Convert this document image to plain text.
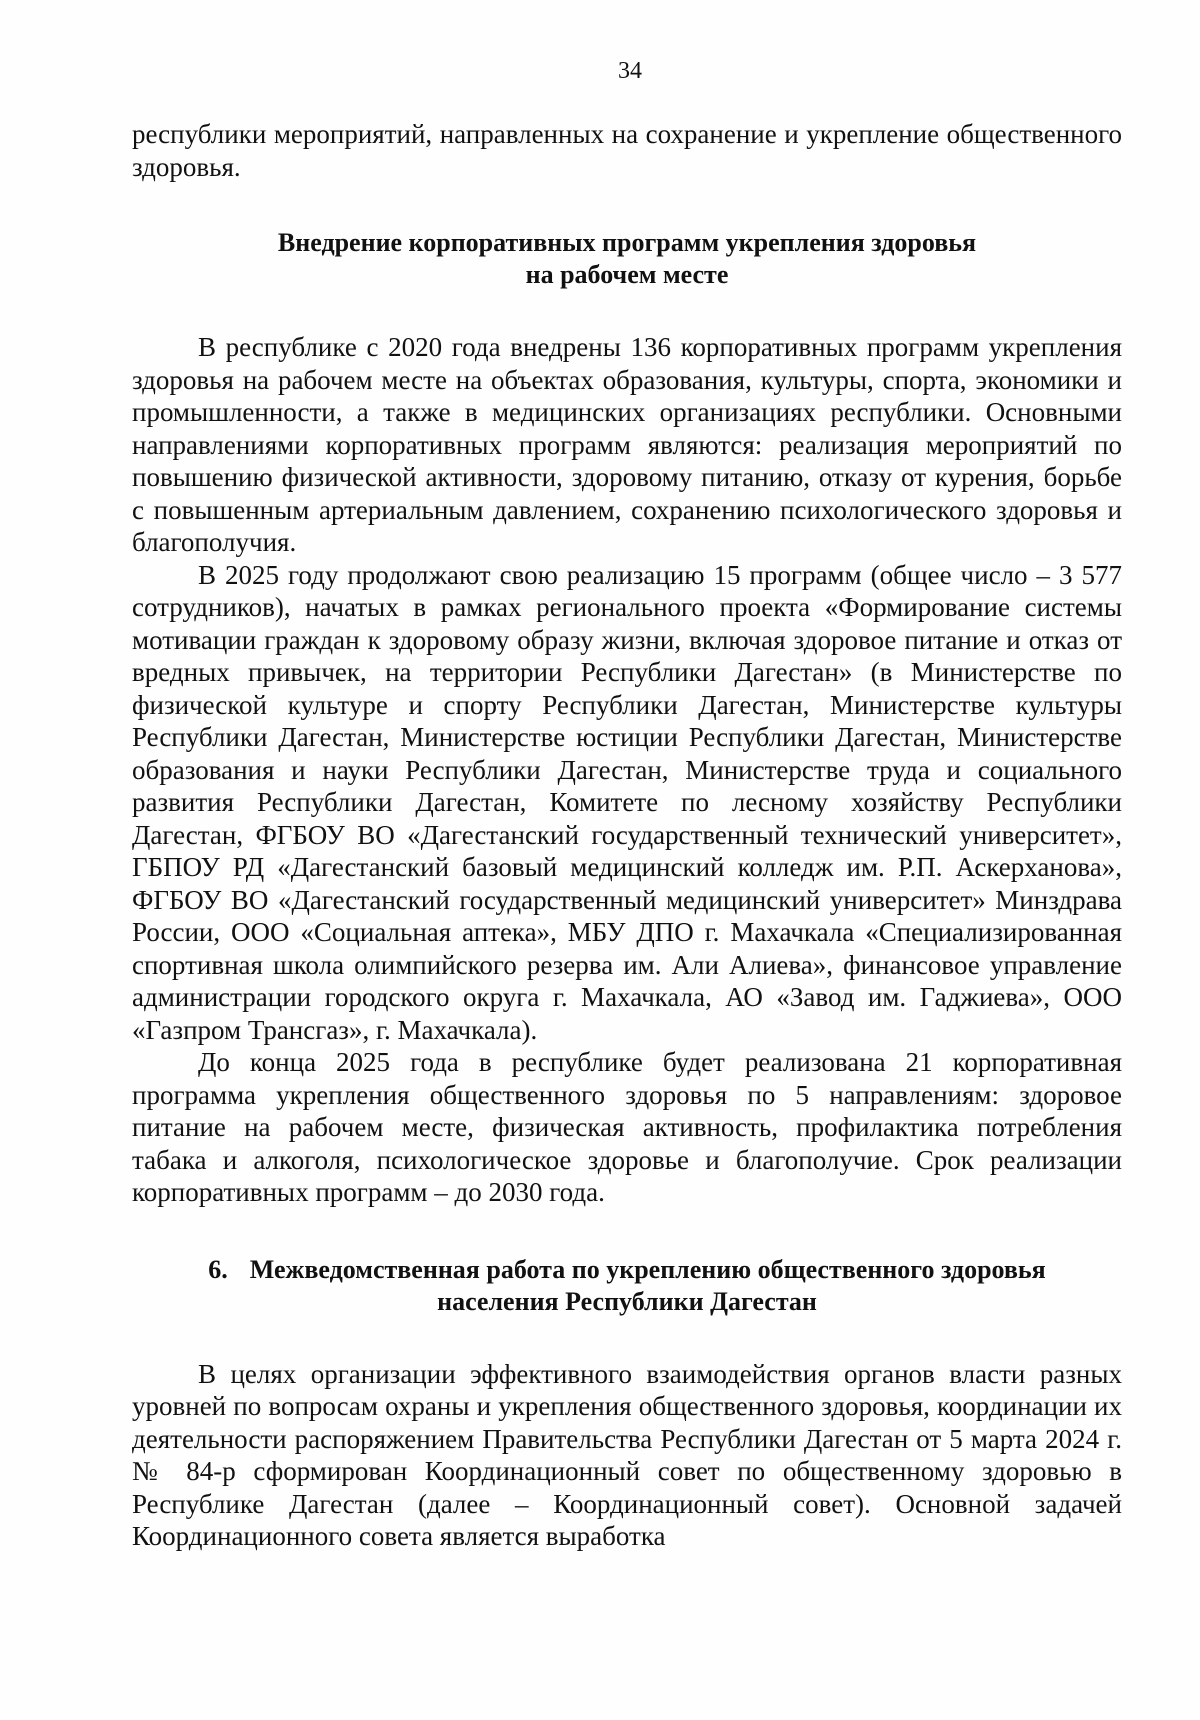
34

республики мероприятий, направленных на сохранение и укрепление общественного здоровья.

Внедрение корпоративных программ укрепления здоровья
на рабочем месте

В республике с 2020 года внедрены 136 корпоративных программ укрепления здоровья на рабочем месте на объектах образования, культуры, спорта, экономики и промышленности, а также в медицинских организациях республики. Основными направлениями корпоративных программ являются: реализация мероприятий по повышению физической активности, здоровому питанию, отказу от курения, борьбе с повышенным артериальным давлением, сохранению психологического здоровья и благополучия.

В 2025 году продолжают свою реализацию 15 программ (общее число – 3 577 сотрудников), начатых в рамках регионального проекта «Формирование системы мотивации граждан к здоровому образу жизни, включая здоровое питание и отказ от вредных привычек, на территории Республики Дагестан» (в Министерстве по физической культуре и спорту Республики Дагестан, Министерстве культуры Республики Дагестан, Министерстве юстиции Республики Дагестан, Министерстве образования и науки Республики Дагестан, Министерстве труда и социального развития Республики Дагестан, Комитете по лесному хозяйству Республики Дагестан, ФГБОУ ВО «Дагестанский государственный технический университет», ГБПОУ РД «Дагестанский базовый медицинский колледж им. Р.П. Аскерханова», ФГБОУ ВО «Дагестанский государственный медицинский университет» Минздрава России, ООО «Социальная аптека», МБУ ДПО г. Махачкала «Специализированная спортивная школа олимпийского резерва им. Али Алиева», финансовое управление администрации городского округа г. Махачкала, АО «Завод им. Гаджиева», ООО «Газпром Трансгаз», г. Махачкала).

До конца 2025 года в республике будет реализована 21 корпоративная программа укрепления общественного здоровья по 5 направлениям: здоровое питание на рабочем месте, физическая активность, профилактика потребления табака и алкоголя, психологическое здоровье и благополучие. Срок реализации корпоративных программ – до 2030 года.

6. Межведомственная работа по укреплению общественного здоровья
населения Республики Дагестан

В целях организации эффективного взаимодействия органов власти разных уровней по вопросам охраны и укрепления общественного здоровья, координации их деятельности распоряжением Правительства Республики Дагестан от 5 марта 2024 г. № 84-р сформирован Координационный совет по общественному здоровью в Республике Дагестан (далее – Координационный совет). Основной задачей Координационного совета является выработка
